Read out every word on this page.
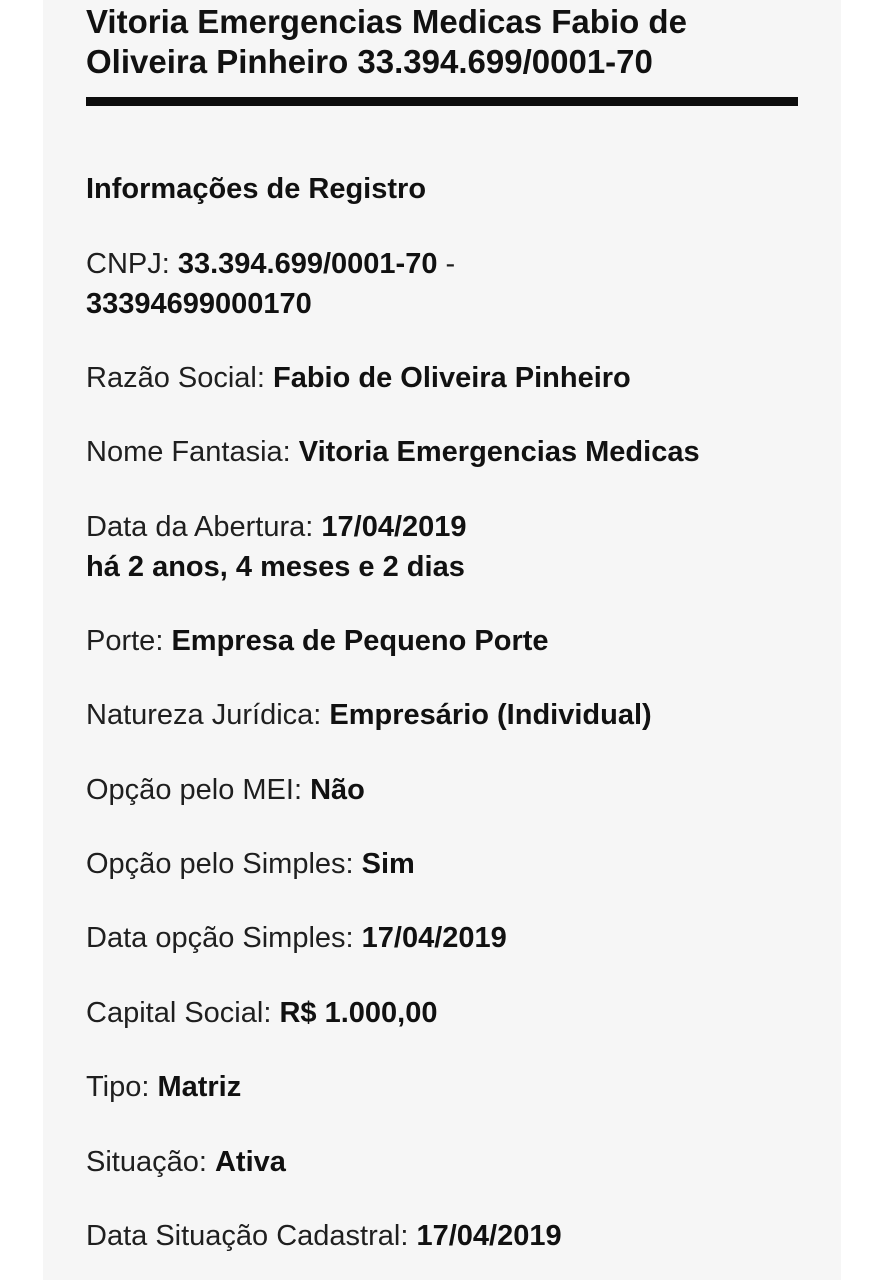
Vitoria Emergencias Medicas Fabio de Oliveira Pinheiro 33.394.699/0001-70
Informações de Registro

CNPJ: 33.394.699/0001-70 -
33394699000170

Razão Social: Fabio de Oliveira Pinheiro

Nome Fantasia: Vitoria Emergencias Medicas

Data da Abertura: 17/04/2019
há 2 anos, 4 meses e 2 dias

Porte: Empresa de Pequeno Porte

Natureza Jurídica: Empresário (Individual)

Opção pelo MEI: Não

Opção pelo Simples: Sim

Data opção Simples: 17/04/2019

Capital Social: R$ 1.000,00

Tipo: Matriz

Situação: Ativa

Data Situação Cadastral: 17/04/2019
